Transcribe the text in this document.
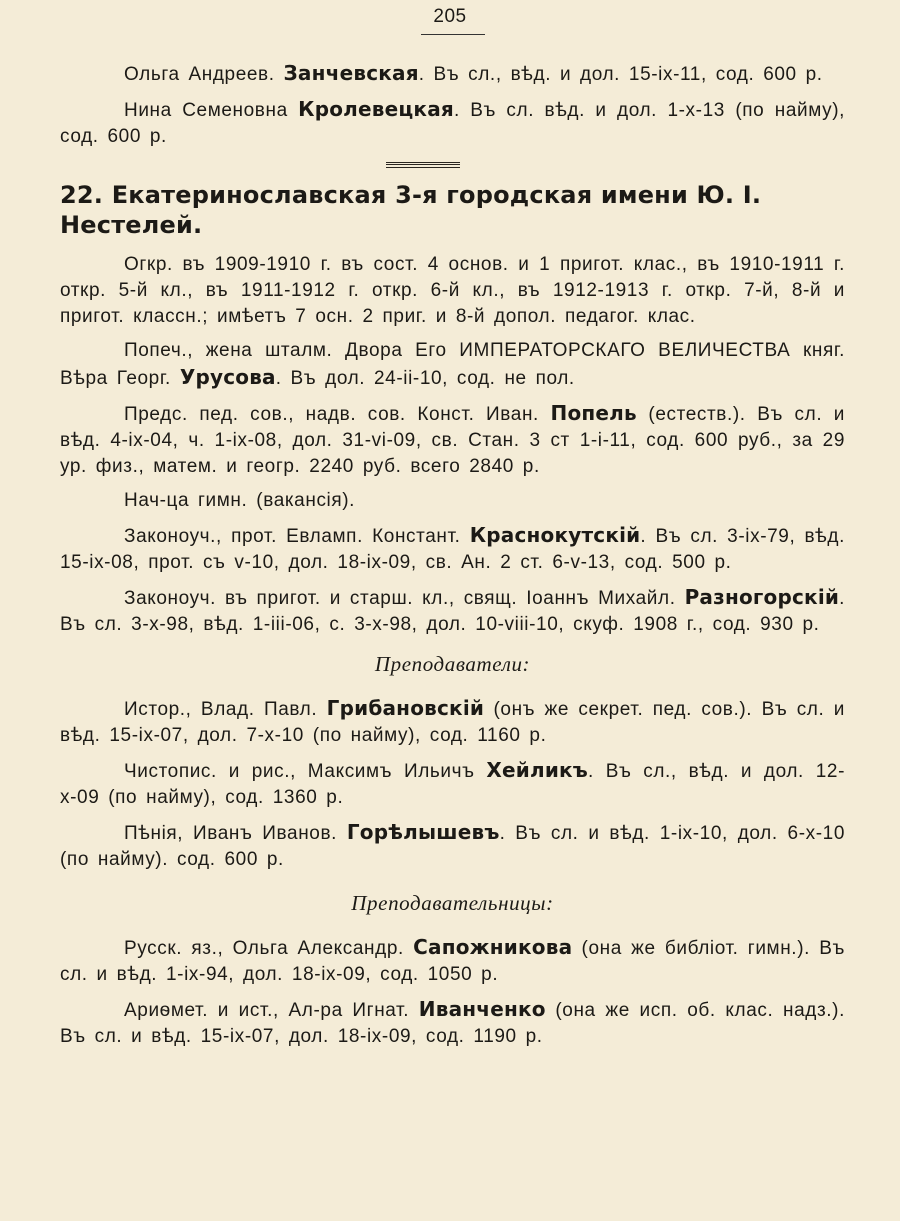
205

Ольга Андреев. Занчевская. Въ сл., вѣд. и дол. 15-іх-11, сод. 600 р.

Нина Семеновна Кролевецкая. Въ сл. вѣд. и дол. 1-х-13 (по найму), сод. 600 р.

22. Екатеринославская 3-я городская имени Ю. І.
Нестелей.

Огкр. въ 1909-1910 г. въ сост. 4 основ. и 1 пригот. клас., въ 1910-1911 г. откр. 5-й кл., въ 1911-1912 г. откр. 6-й кл., въ 1912-1913 г. откр. 7-й, 8-й и пригот. классн.; имѣетъ 7 осн. 2 приг. и 8-й допол. педагог. клас.

Попеч., жена шталм. Двора Его ИМПЕРАТОРСКАГО ВЕЛИЧЕСТВА княг. Вѣра Георг. Урусова. Въ дол. 24-іі-10, сод. не пол.

Предс. пед. сов., надв. сов. Конст. Иван. Попель (естеств.). Въ сл. и вѣд. 4-іх-04, ч. 1-іх-08, дол. 31-vі-09, св. Стан. 3 ст 1-і-11, сод. 600 руб., за 29 ур. физ., матем. и геогр. 2240 руб. всего 2840 р.

Нач-ца гимн. (вакансія).

Законоуч., прот. Евламп. Констант. Краснокутскій. Въ сл. 3-іх-79, вѣд. 15-іх-08, прот. съ v-10, дол. 18-іх-09, св. Ан. 2 ст. 6-v-13, сод. 500 р.

Законоуч. въ пригот. и старш. кл., свящ. Іоаннъ Михайл. Разногорскій. Въ сл. 3-х-98, вѣд. 1-ііі-06, с. 3-х-98, дол. 10-vііі-10, скуф. 1908 г., сод. 930 р.

Преподаватели:

Истор., Влад. Павл. Грибановскій (онъ же секрет. пед. сов.). Въ сл. и вѣд. 15-іх-07, дол. 7-х-10 (по найму), сод. 1160 р.

Чистопис. и рис., Максимъ Ильичъ Хейликъ. Въ сл., вѣд. и дол. 12-х-09 (по найму), сод. 1360 р.

Пѣнія, Иванъ Иванов. Горѣлышевъ. Въ сл. и вѣд. 1-іх-10, дол. 6-х-10 (по найму). сод. 600 р.

Преподавательницы:

Русск. яз., Ольга Александр. Сапожникова (она же библіот. гимн.). Въ сл. и вѣд. 1-іх-94, дол. 18-іх-09, сод. 1050 р.

Ариѳмет. и ист., Ал-ра Игнат. Иванченко (она же исп. об. клас. надз.). Въ сл. и вѣд. 15-іх-07, дол. 18-іх-09, сод. 1190 р.
